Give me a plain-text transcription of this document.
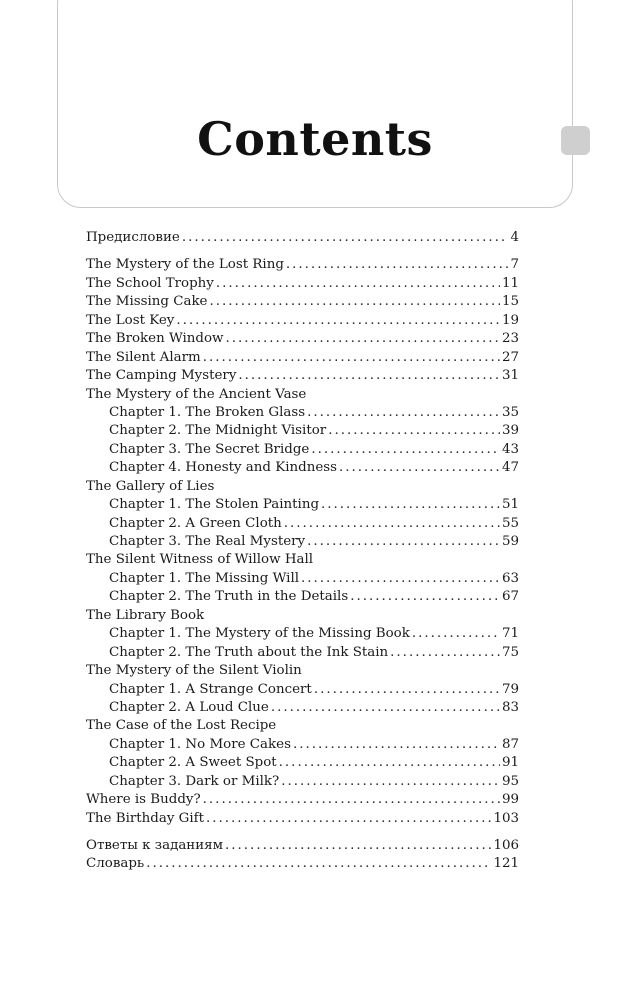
Contents
Предисловие .....	4
The Mystery of the Lost Ring .....	7
The School Trophy .....	11
The Missing Cake .....	15
The Lost Key .....	19
The Broken Window .....	23
The Silent Alarm .....	27
The Camping Mystery .....	31
The Mystery of the Ancient Vase
Chapter 1. The Broken Glass .....	35
Chapter 2. The Midnight Visitor .....	39
Chapter 3. The Secret Bridge .....	43
Chapter 4. Honesty and Kindness .....	47
The Gallery of Lies
Chapter 1. The Stolen Painting .....	51
Chapter 2. A Green Cloth .....	55
Chapter 3. The Real Mystery .....	59
The Silent Witness of Willow Hall
Chapter 1. The Missing Will .....	63
Chapter 2. The Truth in the Details .....	67
The Library Book
Chapter 1. The Mystery of the Missing Book .....	71
Chapter 2. The Truth about the Ink Stain .....	75
The Mystery of the Silent Violin
Chapter 1. A Strange Concert .....	79
Chapter 2. A Loud Clue .....	83
The Case of the Lost Recipe
Chapter 1. No More Cakes .....	87
Chapter 2. A Sweet Spot .....	91
Chapter 3. Dark or Milk? .....	95
Where is Buddy? .....	99
The Birthday Gift .....	103
Ответы к заданиям .....	106
Словарь .....	121
